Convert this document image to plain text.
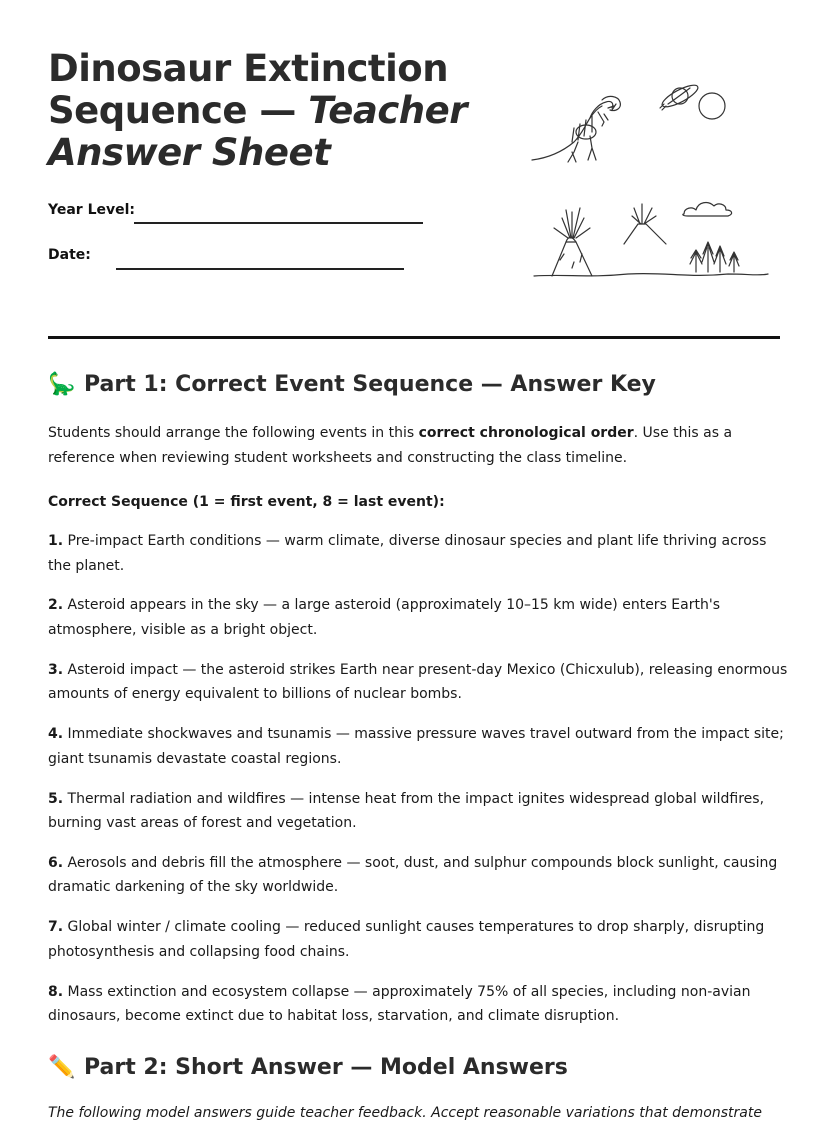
Dinosaur Extinction
Sequence — Teacher
Answer Sheet
Year Level:
Date:
🦕 Part 1: Correct Event Sequence — Answer Key

Students should arrange the following events in this correct chronological order. Use this as a reference when reviewing student worksheets and constructing the class timeline.

Correct Sequence (1 = first event, 8 = last event):

1. Pre-impact Earth conditions — warm climate, diverse dinosaur species and plant life thriving across the planet.
2. Asteroid appears in the sky — a large asteroid (approximately 10–15 km wide) enters Earth's atmosphere, visible as a bright object.
3. Asteroid impact — the asteroid strikes Earth near present-day Mexico (Chicxulub), releasing enormous amounts of energy equivalent to billions of nuclear bombs.
4. Immediate shockwaves and tsunamis — massive pressure waves travel outward from the impact site; giant tsunamis devastate coastal regions.
5. Thermal radiation and wildfires — intense heat from the impact ignites widespread global wildfires, burning vast areas of forest and vegetation.
6. Aerosols and debris fill the atmosphere — soot, dust, and sulphur compounds block sunlight, causing dramatic darkening of the sky worldwide.
7. Global winter / climate cooling — reduced sunlight causes temperatures to drop sharply, disrupting photosynthesis and collapsing food chains.
8. Mass extinction and ecosystem collapse — approximately 75% of all species, including non-avian dinosaurs, become extinct due to habitat loss, starvation, and climate disruption.
✏️ Part 2: Short Answer — Model Answers

The following model answers guide teacher feedback. Accept reasonable variations that demonstrate
